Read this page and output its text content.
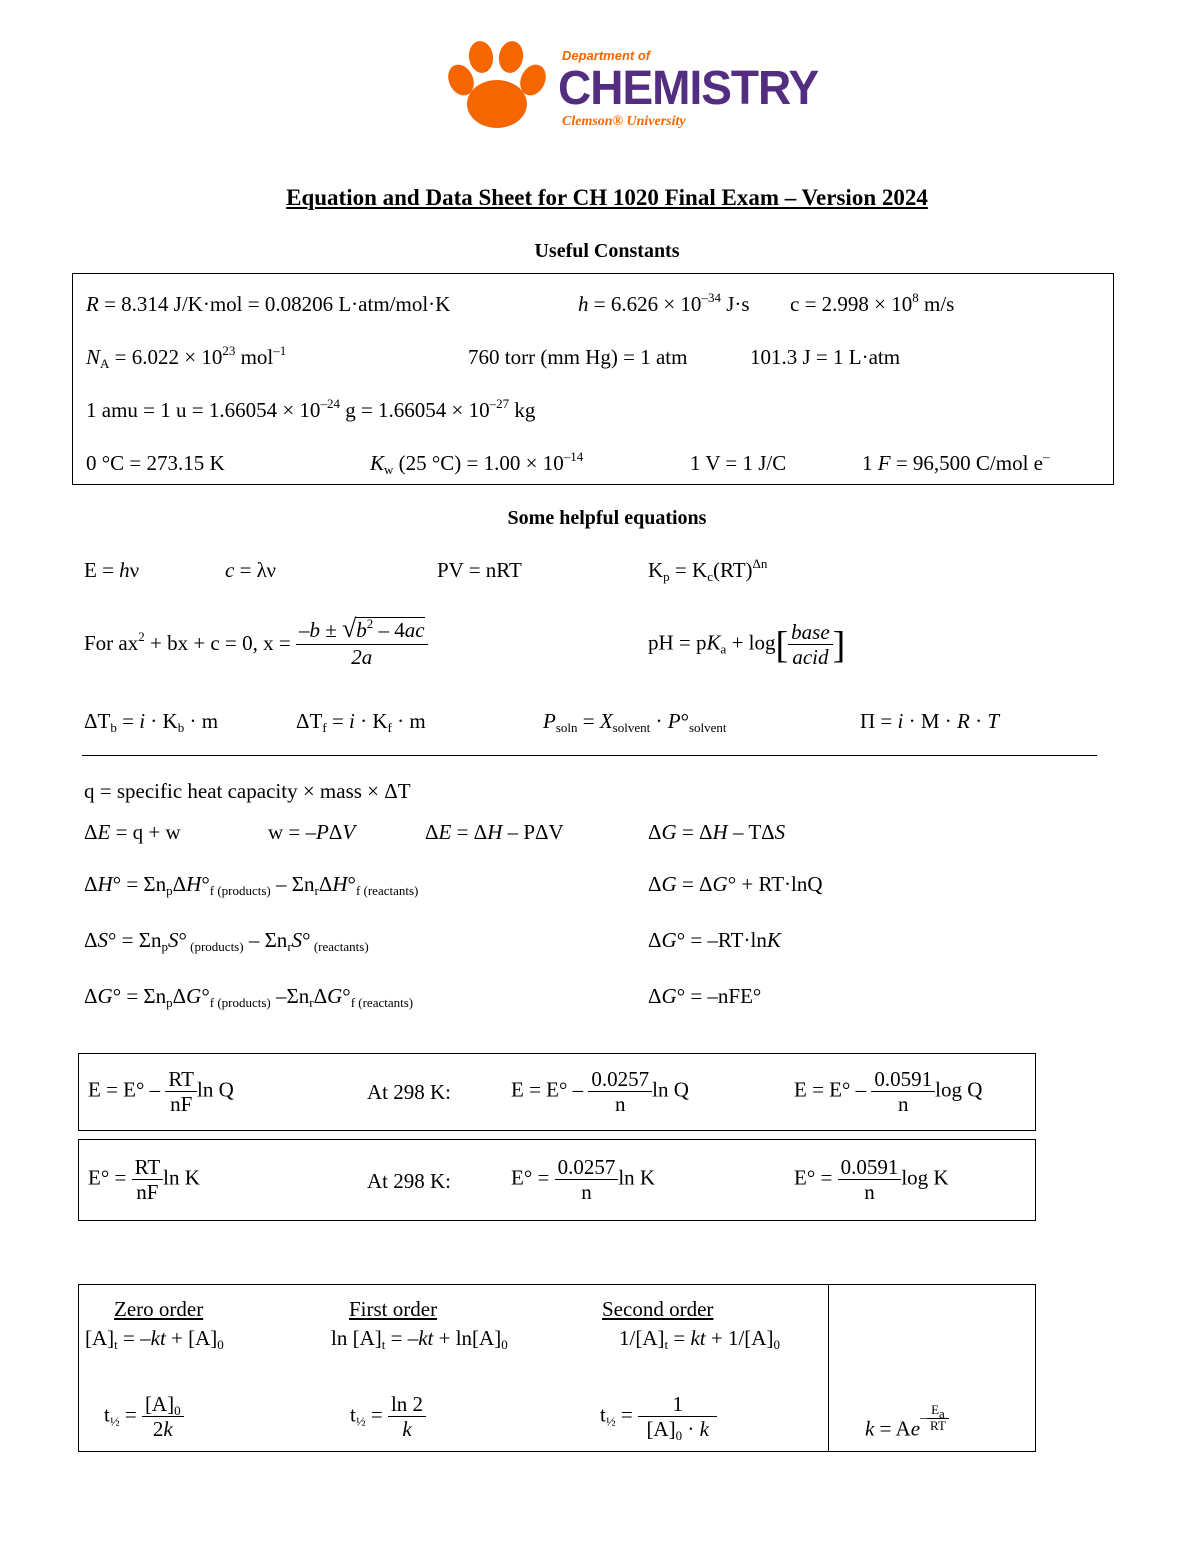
Department of
CHEMISTRY
Clemson® University
Equation and Data Sheet for CH 1020 Final Exam – Version 2024
Useful Constants
R = 8.314 J/K·mol = 0.08206 L·atm/mol·K	$h = 6.626 \times 10^{-34}$ J·s $c = 2.998 \times 10^8$ m/s
$N_A = 6.022 \times 10^{23}$ mol$^{-1}$	760 torr (mm Hg) = 1 atm	101.3 J = 1 L·atm
1 amu = 1 $u = 1.66054 \times 10^{-24}$ $g = 1.66054 \times 10^{-27}$ kg
0 °C = 273.15 K	$K_w$ (25 $^\circ C) = 1.00 \times 10^{-14}$	1 V = 1 J/C	1 F = 96,500 C/mol e–
Some helpful equations
E = hν	c = λν	PV = nRT	$K_p = K_c(RT)^{\Delta n}$
For $ax^2$ + bx + c = 0, $x = \frac{-b \pm √b^2 - 4ac}{2a}$	pH = $pK_a + \log[ \frac{\text{base}}{\text{acid}}$ ]
$\Delta T_b = i \cdot K_b \cdot m$	$\Delta T_f = i \cdot K_f \cdot m$	$P_{soln} = X_{solvent} \cdot P^\circ_{solvent}$	Π = i · M · R · T
q = specific heat capacity × mass × ΔT
ΔE = q + w	w = –PΔV	ΔE = ΔH – PΔV	ΔG = ΔH – TΔS
$\Delta H^\circ = \Sigma n_p\Delta H^\circ_{f (products)} - \Sigma n_r\Delta H^\circ_{f (reactants)}$	ΔG = ΔG° + RT·lnQ
$\Delta S^\circ = \Sigma n_pS^\circ$ $_{(products)} - \Sigma n_rS^\circ$ $_{(reactants)}$	ΔG° = –RT·lnK
$\Delta G^\circ = \Sigma n_p\Delta G^\circ_{f (products)}$ $-\Sigma n_r\Delta G^\circ_{f (reactants)}$	ΔG° = –nFE°
$E = E^\circ - \frac{RT}{nF}$ ln Q	At 298 K:	$E = E^\circ - \frac{0.0257}{n}$ ln Q	$E = E^\circ - \frac{0.0591}{n}$ log Q
$E^\circ = \frac{RT}{nF}$ ln K	At 298 K:	$E^\circ = \frac{0.0257}{n}$ ln K	$E^\circ = \frac{0.0591}{n}$ log K
Zero order	First order	Second order
$[A]_t = -kt + [A]_0$	$\ln [A]_t = -kt + \ln[A]_0$	$1/[A]_t$ = kt + $1/[A]_0$
$t_{\frac{1}{2}} = \frac{[A]_0}{2k}$	$t_{\frac{1}{2}} = \frac{\ln 2}{k}$	$t_{\frac{1}{2}} = \frac{1}{[A]_0 \cdot k}$	$k = Ae- \frac{E_a}{RT}$
